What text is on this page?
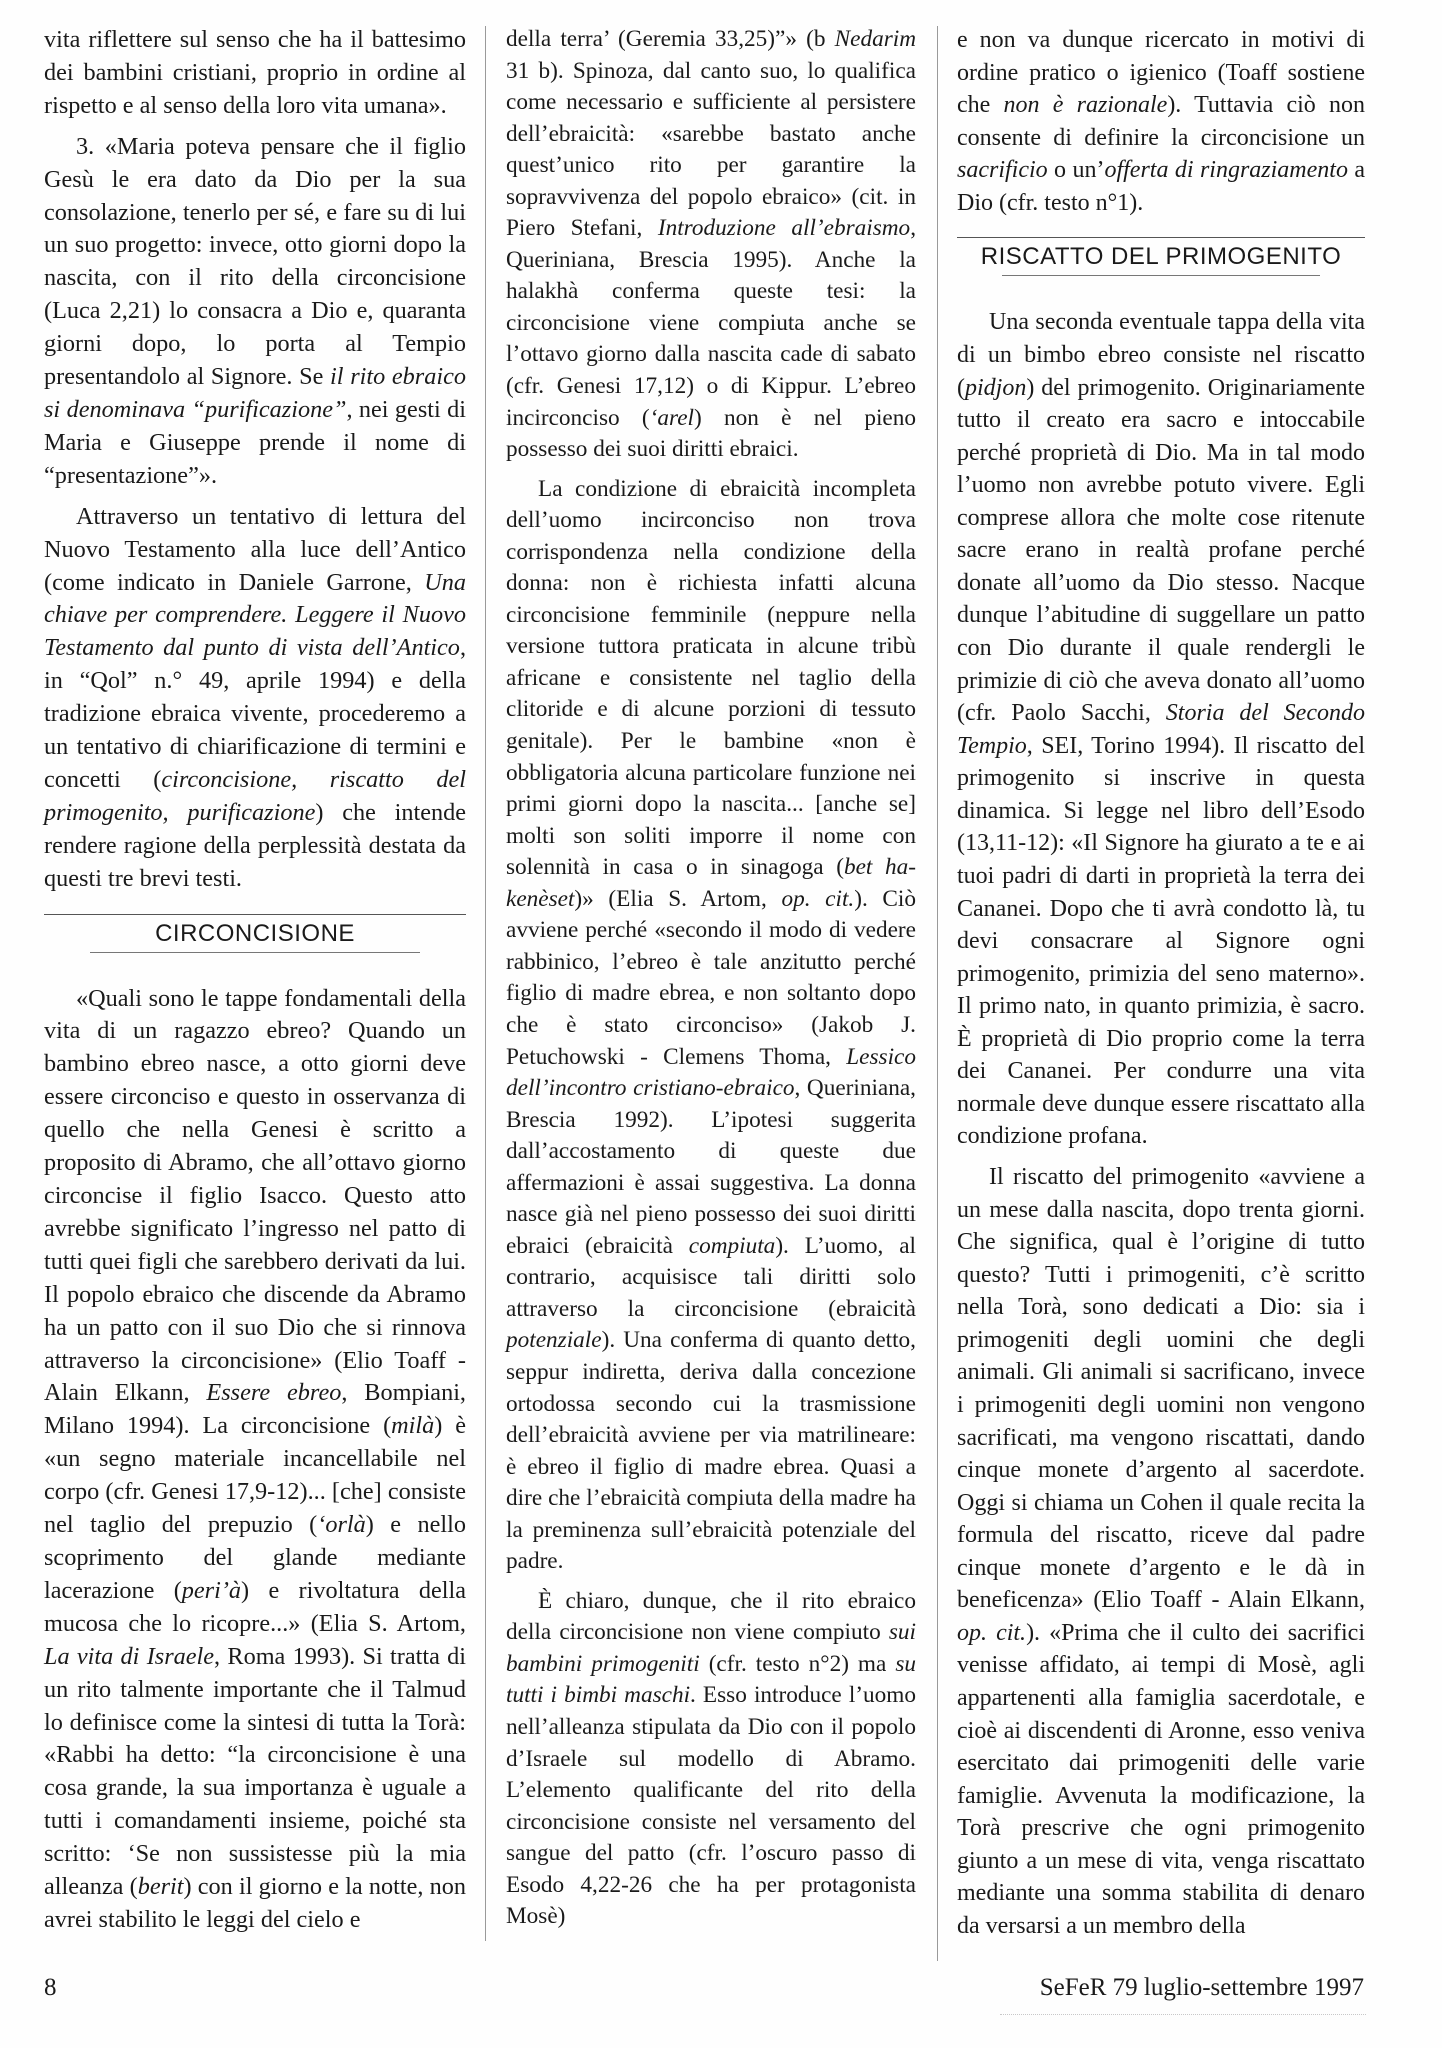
vita riflettere sul senso che ha il battesimo dei bambini cristiani, proprio in ordine al rispetto e al senso della loro vita umana».

3. «Maria poteva pensare che il figlio Gesù le era dato da Dio per la sua consolazione, tenerlo per sé, e fare su di lui un suo progetto: invece, otto giorni dopo la nascita, con il rito della circoncisione (Luca 2,21) lo consacra a Dio e, quaranta giorni dopo, lo porta al Tempio presentandolo al Signore. Se il rito ebraico si denominava “purificazione”, nei gesti di Maria e Giuseppe prende il nome di “presentazione”».

Attraverso un tentativo di lettura del Nuovo Testamento alla luce dell’Antico (come indicato in Daniele Garrone, Una chiave per comprendere. Leggere il Nuovo Testamento dal punto di vista dell’Antico, in “Qol” n.° 49, aprile 1994) e della tradizione ebraica vivente, procederemo a un tentativo di chiarificazione di termini e concetti (circoncisione, riscatto del primogenito, purificazione) che intende rendere ragione della perplessità destata da questi tre brevi testi.

CIRCONCISIONE

«Quali sono le tappe fondamentali della vita di un ragazzo ebreo? Quando un bambino ebreo nasce, a otto giorni deve essere circonciso e questo in osservanza di quello che nella Genesi è scritto a proposito di Abramo, che all’ottavo giorno circoncise il figlio Isacco. Questo atto avrebbe significato l’ingresso nel patto di tutti quei figli che sarebbero derivati da lui. Il popolo ebraico che discende da Abramo ha un patto con il suo Dio che si rinnova attraverso la circoncisione» (Elio Toaff - Alain Elkann, Essere ebreo, Bompiani, Milano 1994). La circoncisione (milà) è «un segno materiale incancellabile nel corpo (cfr. Genesi 17,9-12)... [che] consiste nel taglio del prepuzio (‘orlà) e nello scoprimento del glande mediante lacerazione (peri’à) e rivoltatura della mucosa che lo ricopre...» (Elia S. Artom, La vita di Israele, Roma 1993). Si tratta di un rito talmente importante che il Talmud lo definisce come la sintesi di tutta la Torà: «Rabbi ha detto: “la circoncisione è una cosa grande, la sua importanza è uguale a tutti i comandamenti insieme, poiché sta scritto: ‘Se non sussistesse più la mia alleanza (berit) con il giorno e la notte, non avrei stabilito le leggi del cielo e

della terra’ (Geremia 33,25)”» (b Nedarim 31 b). Spinoza, dal canto suo, lo qualifica come necessario e sufficiente al persistere dell’ebraicità: «sarebbe bastato anche quest’unico rito per garantire la sopravvivenza del popolo ebraico» (cit. in Piero Stefani, Introduzione all’ebraismo, Queriniana, Brescia 1995). Anche la halakhà conferma queste tesi: la circoncisione viene compiuta anche se l’ottavo giorno dalla nascita cade di sabato (cfr. Genesi 17,12) o di Kippur. L’ebreo incirconciso (‘arel) non è nel pieno possesso dei suoi diritti ebraici.

La condizione di ebraicità incompleta dell’uomo incirconciso non trova corrispondenza nella condizione della donna: non è richiesta infatti alcuna circoncisione femminile (neppure nella versione tuttora praticata in alcune tribù africane e consistente nel taglio della clitoride e di alcune porzioni di tessuto genitale). Per le bambine «non è obbligatoria alcuna particolare funzione nei primi giorni dopo la nascita... [anche se] molti son soliti imporre il nome con solennità in casa o in sinagoga (bet ha-kenèset)» (Elia S. Artom, op. cit.). Ciò avviene perché «secondo il modo di vedere rabbinico, l’ebreo è tale anzitutto perché figlio di madre ebrea, e non soltanto dopo che è stato circonciso» (Jakob J. Petuchowski - Clemens Thoma, Lessico dell’incontro cristiano-ebraico, Queriniana, Brescia 1992). L’ipotesi suggerita dall’accostamento di queste due affermazioni è assai suggestiva. La donna nasce già nel pieno possesso dei suoi diritti ebraici (ebraicità compiuta). L’uomo, al contrario, acquisisce tali diritti solo attraverso la circoncisione (ebraicità potenziale). Una conferma di quanto detto, seppur indiretta, deriva dalla concezione ortodossa secondo cui la trasmissione dell’ebraicità avviene per via matrilineare: è ebreo il figlio di madre ebrea. Quasi a dire che l’ebraicità compiuta della madre ha la preminenza sull’ebraicità potenziale del padre.

È chiaro, dunque, che il rito ebraico della circoncisione non viene compiuto sui bambini primogeniti (cfr. testo n°2) ma su tutti i bimbi maschi. Esso introduce l’uomo nell’alleanza stipulata da Dio con il popolo d’Israele sul modello di Abramo. L’elemento qualificante del rito della circoncisione consiste nel versamento del sangue del patto (cfr. l’oscuro passo di Esodo 4,22-26 che ha per protagonista Mosè)

e non va dunque ricercato in motivi di ordine pratico o igienico (Toaff sostiene che non è razionale). Tuttavia ciò non consente di definire la circoncisione un sacrificio o un’offerta di ringraziamento a Dio (cfr. testo n°1).

RISCATTO DEL PRIMOGENITO

Una seconda eventuale tappa della vita di un bimbo ebreo consiste nel riscatto (pidjon) del primogenito. Originariamente tutto il creato era sacro e intoccabile perché proprietà di Dio. Ma in tal modo l’uomo non avrebbe potuto vivere. Egli comprese allora che molte cose ritenute sacre erano in realtà profane perché donate all’uomo da Dio stesso. Nacque dunque l’abitudine di suggellare un patto con Dio durante il quale rendergli le primizie di ciò che aveva donato all’uomo (cfr. Paolo Sacchi, Storia del Secondo Tempio, SEI, Torino 1994). Il riscatto del primogenito si inscrive in questa dinamica. Si legge nel libro dell’Esodo (13,11-12): «Il Signore ha giurato a te e ai tuoi padri di darti in proprietà la terra dei Cananei. Dopo che ti avrà condotto là, tu devi consacrare al Signore ogni primogenito, primizia del seno materno». Il primo nato, in quanto primizia, è sacro. È proprietà di Dio proprio come la terra dei Cananei. Per condurre una vita normale deve dunque essere riscattato alla condizione profana.

Il riscatto del primogenito «avviene a un mese dalla nascita, dopo trenta giorni. Che significa, qual è l’origine di tutto questo? Tutti i primogeniti, c’è scritto nella Torà, sono dedicati a Dio: sia i primogeniti degli uomini che degli animali. Gli animali si sacrificano, invece i primogeniti degli uomini non vengono sacrificati, ma vengono riscattati, dando cinque monete d’argento al sacerdote. Oggi si chiama un Cohen il quale recita la formula del riscatto, riceve dal padre cinque monete d’argento e le dà in beneficenza» (Elio Toaff - Alain Elkann, op. cit.). «Prima che il culto dei sacrifici venisse affidato, ai tempi di Mosè, agli appartenenti alla famiglia sacerdotale, e cioè ai discendenti di Aronne, esso veniva esercitato dai primogeniti delle varie famiglie. Avvenuta la modificazione, la Torà prescrive che ogni primogenito giunto a un mese di vita, venga riscattato mediante una somma stabilita di denaro da versarsi a un membro della

8	SeFeR 79 luglio-settembre 1997
